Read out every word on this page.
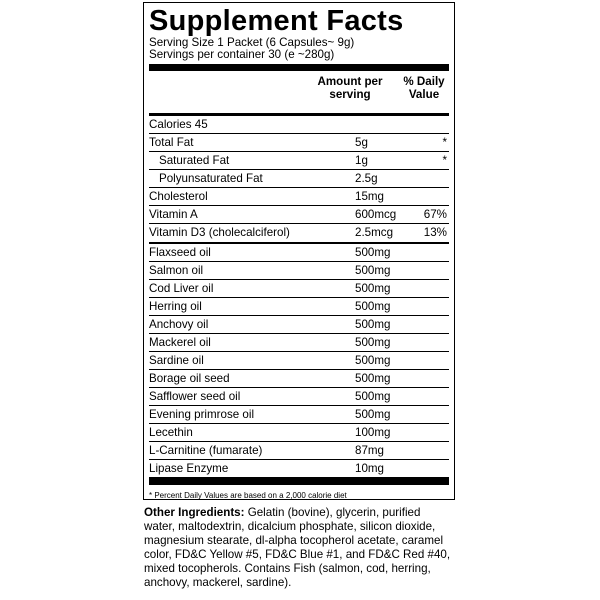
Supplement Facts
Serving Size 1 Packet (6 Capsules~ 9g)
Servings per container 30 (e ~280g)
Amount per serving
% Daily Value
Calories 45
Total Fat	5g	*
Saturated Fat	1g	*
Polyunsaturated Fat	2.5g
Cholesterol	15mg
Vitamin A	600mcg 67%
Vitamin D3 (cholecalciferol)	2.5mcg	13%
Flaxseed oil	500mg
Salmon oil	500mg
Cod Liver oil	500mg
Herring oil	500mg
Anchovy oil	500mg
Mackerel oil	500mg
Sardine oil	500mg
Borage oil seed	500mg
Safflower seed oil	500mg
Evening primrose oil	500mg
Lecethin	100mg
L-Carnitine (fumarate)	87mg
Lipase Enzyme	10mg
* Percent Daily Values are based on a 2,000 calorie diet
Other Ingredients: Gelatin (bovine), glycerin, purified water, maltodextrin, dicalcium phosphate, silicon dioxide, magnesium stearate, dl-alpha tocopherol acetate, caramel color, FD&C Yellow #5, FD&C Blue #1, and FD&C Red #40, mixed tocopherols. Contains Fish (salmon, cod, herring, anchovy, mackerel, sardine).
